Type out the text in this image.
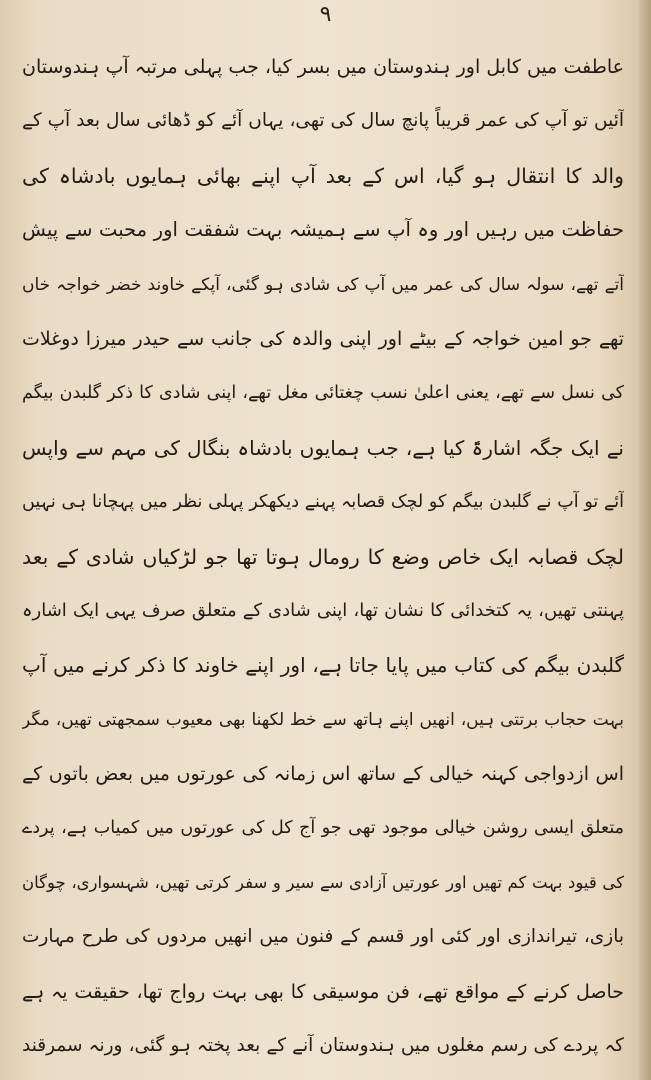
۹
عاطفت میں کابل اور ہندوستان میں بسر کیا، جب پہلی مرتبہ آپ ہندوستان
آئیں تو آپ کی عمر قریباً پانچ سال کی تھی، یہاں آئے کو ڈھائی سال بعد آپ کے
والد کا انتقال ہو گیا، اس کے بعد آپ اپنے بھائی ہمایوں بادشاہ کی
حفاظت میں رہیں اور وہ آپ سے ہمیشہ بہت شفقت اور محبت سے پیش
آتے تھے، سولہ سال کی عمر میں آپ کی شادی ہو گئی، آپکے خاوند خضر خواجہ خاں
تھے جو امین خواجہ کے بیٹے اور اپنی والدہ کی جانب سے حیدر میرزا دوغلات
کی نسل سے تھے، یعنی اعلیٰ نسب چغتائی مغل تھے، اپنی شادی کا ذکر گلبدن بیگم
نے ایک جگہ اشارۃً کیا ہے، جب ہمایوں بادشاہ بنگال کی مہم سے واپس
آئے تو آپ نے گلبدن بیگم کو لچک قصابہ پہنے دیکھکر پہلی نظر میں پہچانا ہی نہیں
لچک قصابہ ایک خاص وضع کا رومال ہوتا تھا جو لڑکیاں شادی کے بعد
پہنتی تھیں، یہ کتخدائی کا نشان تھا، اپنی شادی کے متعلق صرف یہی ایک اشارہ
گلبدن بیگم کی کتاب میں پایا جاتا ہے، اور اپنے خاوند کا ذکر کرنے میں آپ
بہت حجاب برتتی ہیں، انھیں اپنے ہاتھ سے خط لکھنا بھی معیوب سمجھتی تھیں، مگر
اس ازدواجی کہنہ خیالی کے ساتھ اس زمانہ کی عورتوں میں بعض باتوں کے
متعلق ایسی روشن خیالی موجود تھی جو آج کل کی عورتوں میں کمیاب ہے، پردے
کی قیود بہت کم تھیں اور عورتیں آزادی سے سیر و سفر کرتی تھیں، شہسواری، چوگان
بازی، تیراندازی اور کئی اور قسم کے فنون میں انھیں مردوں کی طرح مہارت
حاصل کرنے کے مواقع تھے، فن موسیقی کا بھی بہت رواج تھا، حقیقت یہ ہے
کہ پردے کی رسم مغلوں میں ہندوستان آنے کے بعد پختہ ہو گئی، ورنہ سمرقند
